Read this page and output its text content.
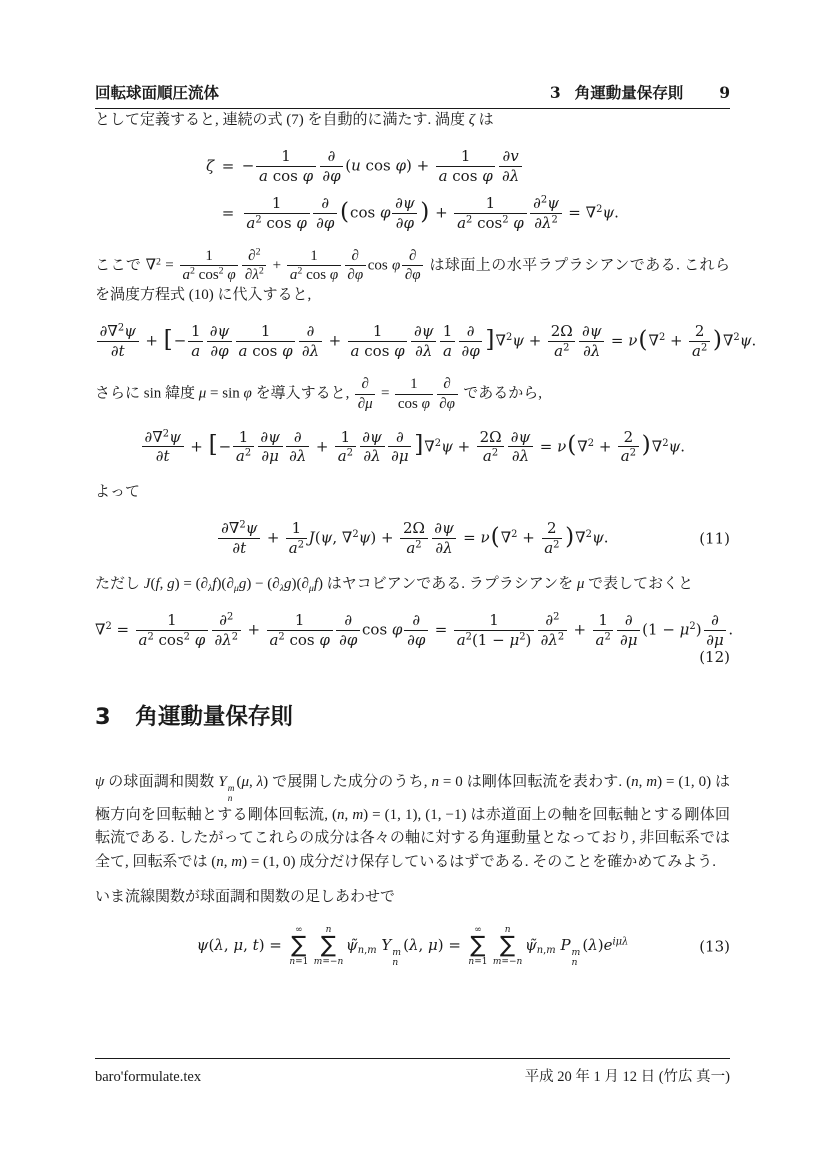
回転球面順圧流体	3 角運動量保存則 9

として定義すると, 連続の式 (7) を自動的に満たす. 渦度 ζ は

ζ = − $\frac{1}{\text{a cos φ}}$ ∂
∂φ
(u $\cos \varphi) + \frac{1}{\text{a cos φ}} \frac{\partial v}{\partial\lambda}$
= $\frac{1}{a^2 \cos \varphi}$ ∂
∂φ (cos φ $\frac{\partial\psi}{\partial\varphi}$ ) + $\frac{1}{a^2 \cos^2 \varphi} \frac{\partial^2\psi}{\partial\lambda^2} = \nabla^2\psi$.

ここで $\nabla^2 = \frac{1}{a^2 \cos^2 \varphi} \frac{\partial^2}{\partial\lambda^2} + \frac{1}{a^2 \cos \varphi}$ ∂
∂φ
cos φ
∂
∂φ
は球面上の水平ラプラシアンである. これらを渦度方程式 (10) に代入すると,

$\frac{\partial\nabla^2\psi}{\partial t}$ + [− $\frac{1}{a} \frac{\partial\psi}{\partial\varphi} \frac{1}{\text{a cos φ}}$ ∂
∂λ
+ $\frac{1}{\text{a cos φ}} \frac{\partial\psi}{\partial\lambda} \frac{1}{a}$ ∂
∂φ ]$\nabla^2\psi + \frac{2\Omega}{a^2} \frac{\partial\psi}{\partial\lambda} = \nu(\nabla^2 + \frac{2}{a^2} )\nabla^2\psi$.

さらに sin 緯度 μ = sin φ を導入すると,
∂
∂μ
= $\frac{1}{\text{cos φ}}$ ∂
∂φ
であるから,

$\frac{\partial\nabla^2\psi}{\partial t}$ + [− $\frac{1}{a^2} \frac{\partial\psi}{\partial\mu}$ ∂
∂λ
+ $\frac{1}{a^2} \frac{\partial\psi}{\partial\lambda}$ ∂
∂μ ]$\nabla^2\psi + \frac{2\Omega}{a^2} \frac{\partial\psi}{\partial\lambda} = \nu(\nabla^2 + \frac{2}{a^2} )\nabla^2\psi$.

よって

$\frac{\partial\nabla^2\psi}{\partial t} + \frac{1}{a^2} J(\psi$, $\nabla^2\psi) + \frac{2\Omega}{a^2} \frac{\partial\psi}{\partial\lambda} = \nu(\nabla^2 + \frac{2}{a^2} )\nabla^2\psi$.	(11)

ただし J(f, $g) = (\partial_\lambda f)(\partial_\mu g) - (\partial_\lambda g)(\partial_\mu f)$ はヤコビアンである. ラプラシアンを μ で表しておくと

$\nabla^2 = \frac{1}{a^2 \cos^2 \varphi} \frac{\partial^2}{\partial\lambda^2} + \frac{1}{a^2 \cos \varphi}$ ∂
∂φ
cos φ
∂
∂φ
= $\frac{1}{a^2(1 - \mu^2)} \frac{\partial^2}{\partial\lambda^2} + \frac{1}{a^2}$ ∂
∂μ
$(1 - \mu^2)$
∂
∂μ
.
(12)
3 角運動量保存則

ψ の球面調和関数 Y m
n
(μ, λ) で展開した成分のうち, n = 0 は剛体回転流を表わす. (n, m) = (1, 0) は極方向を回転軸とする剛体回転流, (n, m) = (1, 1), (1, −1) は赤道面上の軸を回転軸とする剛体回転流である. したがってこれらの成分は各々の軸に対する角運動量となっており, 非回転系では全て, 回転系では (n, m) = (1, 0) 成分だけ保存しているはずである. そのことを確かめてみよう.

いま流線関数が球面調和関数の足しあわせで

ψ(λ, μ, t) =
∞
∑
n=1
n
∑
m=−n
$\psĩ_{n,m}$ Y m
n
(λ, μ) =
∞
∑
n=1
n
∑
m=−n
$\psĩ_{n,m}$ P m
n
$(\lambda)e^{i\mu\lambda}$	(13)
baro'formulate.tex	平成 20 年 1 月 12 日 (竹広 真一)
